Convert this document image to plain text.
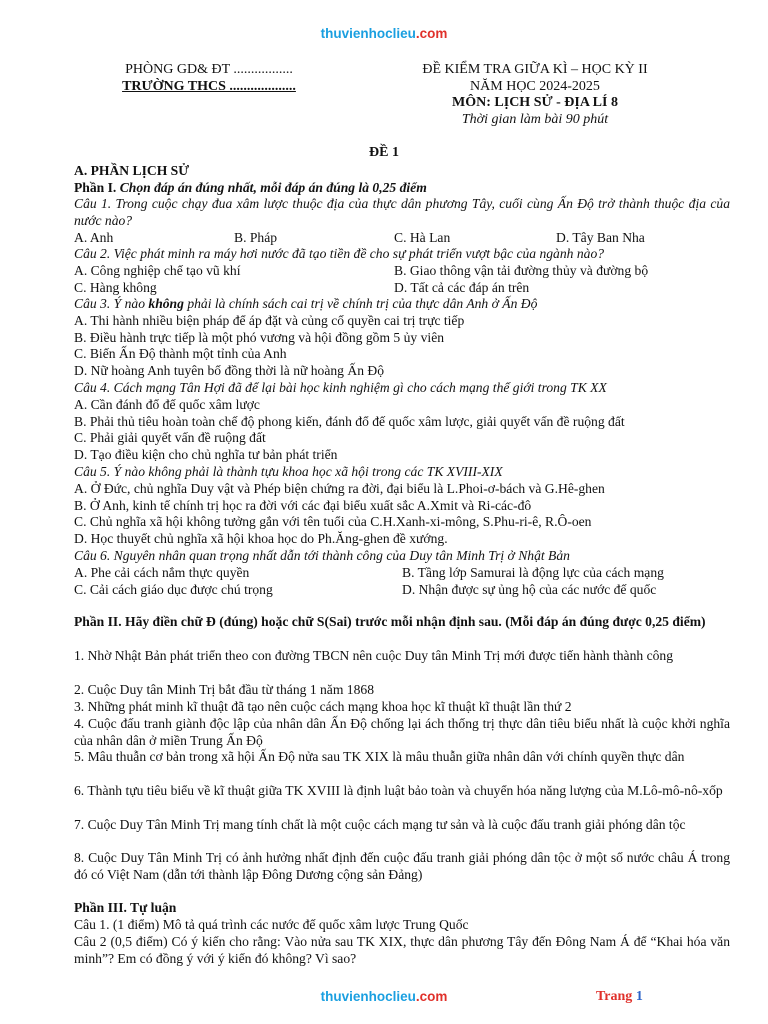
thuvienhoclieu.com
PHÒNG GD& ĐT .................
TRƯỜNG THCS ...................
ĐỀ KIỂM TRA GIỮA KÌ – HỌC KỲ II
NĂM HỌC 2024-2025
MÔN: LỊCH SỬ - ĐỊA LÍ 8
Thời gian làm bài 90 phút
ĐỀ 1
A. PHẦN LỊCH SỬ
Phần I. Chọn đáp án đúng nhất, mỗi đáp án đúng là 0,25 điểm
Câu 1. Trong cuộc chạy đua xâm lược thuộc địa của thực dân phương Tây, cuối cùng Ấn Độ trở thành thuộc địa của nước nào?
A. Anh	B. Pháp	C. Hà Lan	D. Tây Ban Nha
Câu 2. Việc phát minh ra máy hơi nước đã tạo tiền đề cho sự phát triển vượt bậc của ngành nào?
A. Công nghiệp chế tạo vũ khí	B. Giao thông vận tải đường thủy và đường bộ
C. Hàng không	D. Tất cả các đáp án trên
Câu 3. Ý nào không phải là chính sách cai trị về chính trị của thực dân Anh ở Ấn Độ
A. Thi hành nhiều biện pháp để áp đặt và củng cố quyền cai trị trực tiếp
B. Điều hành trực tiếp là một phó vương và hội đồng gồm 5 ủy viên
C. Biến Ấn Độ thành một tỉnh của Anh
D. Nữ hoàng Anh tuyên bố đồng thời là nữ hoàng Ấn Độ
Câu 4. Cách mạng Tân Hợi đã để lại bài học kinh nghiệm gì cho cách mạng thế giới trong TK XX
A. Cần đánh đổ đế quốc xâm lược
B. Phải thủ tiêu hoàn toàn chế độ phong kiến, đánh đổ đế quốc xâm lược, giải quyết vấn đề ruộng đất
C. Phải giải quyết vấn đề ruộng đất
D. Tạo điều kiện cho chủ nghĩa tư bản phát triển
Câu 5. Ý nào không phải là thành tựu khoa học xã hội trong các TK XVIII-XIX
A. Ở Đức, chủ nghĩa Duy vật và Phép biện chứng ra đời, đại biểu là L.Phoi-ơ-bách và G.Hê-ghen
B. Ở Anh, kinh tế chính trị học ra đời với các đại biểu xuất sắc A.Xmit và Ri-các-đô
C. Chủ nghĩa xã hội không tưởng gắn với tên tuổi của C.H.Xanh-xi-mông, S.Phu-ri-ê, R.Ô-oen
D. Học thuyết chủ nghĩa xã hội khoa học do Ph.Ăng-ghen đề xướng.
Câu 6. Nguyên nhân quan trọng nhất dẫn tới thành công của Duy tân Minh Trị ở Nhật Bản
A. Phe cải cách nắm thực quyền	B. Tầng lớp Samurai là động lực của cách mạng
C. Cải cách giáo dục được chú trọng	D. Nhận được sự ủng hộ của các nước đế quốc
Phần II. Hãy điền chữ Đ (đúng) hoặc chữ S(Sai) trước mỗi nhận định sau. (Mỗi đáp án đúng được 0,25 điểm)
1. Nhờ Nhật Bản phát triển theo con đường TBCN nên cuộc Duy tân Minh Trị mới được tiến hành thành công
2. Cuộc Duy tân Minh Trị bắt đầu từ tháng 1 năm 1868
3. Những phát minh kĩ thuật đã tạo nên cuộc cách mạng khoa học kĩ thuật kĩ thuật lần thứ 2
4. Cuộc đấu tranh giành độc lập của nhân dân Ấn Độ chống lại ách thống trị thực dân tiêu biểu nhất là cuộc khởi nghĩa của nhân dân ở miền Trung Ấn Độ
5. Mâu thuẫn cơ bản trong xã hội Ấn Độ nửa sau TK XIX là mâu thuẫn giữa nhân dân với chính quyền thực dân
6. Thành tựu tiêu biểu về kĩ thuật giữa TK XVIII là định luật bảo toàn và chuyển hóa năng lượng của M.Lô-mô-nô-xốp
7. Cuộc Duy Tân Minh Trị mang tính chất là một cuộc cách mạng tư sản và là cuộc đấu tranh giải phóng dân tộc
8. Cuộc Duy Tân Minh Trị có ảnh hưởng nhất định đến cuộc đấu tranh giải phóng dân tộc ở một số nước châu Á trong đó có Việt Nam (dẫn tới thành lập Đông Dương cộng sản Đảng)
Phần III. Tự luận
Câu 1. (1 điểm) Mô tả quá trình các nước đế quốc xâm lược Trung Quốc
Câu 2 (0,5 điểm) Có ý kiến cho rằng: Vào nửa sau TK XIX, thực dân phương Tây đến Đông Nam Á để “Khai hóa văn minh”? Em có đồng ý với ý kiến đó không? Vì sao?
thuvienhoclieu.com	Trang 1
